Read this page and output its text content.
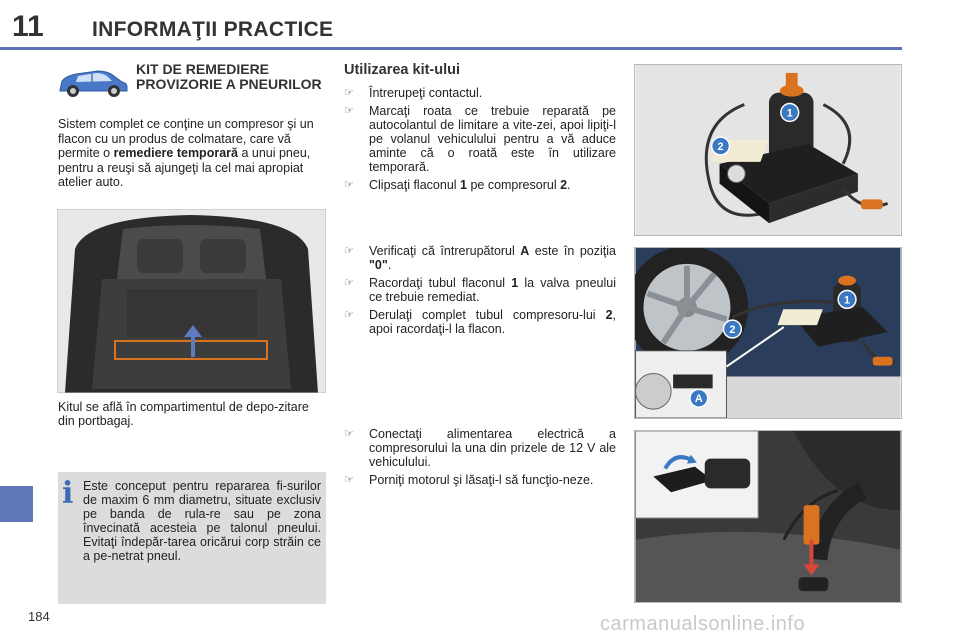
11 INFORMAŢII PRACTICE
KIT DE REMEDIERE PROVIZORIE A PNEURILOR
Sistem complet ce conţine un compresor şi un flacon cu un produs de colmatare, care vă permite o remediere temporară a unui pneu, pentru a reuşi să ajungeţi la cel mai apropiat atelier auto.
Kitul se află în compartimentul de depo-zitare din portbagaj.
i Este conceput pentru repararea fi-surilor de maxim 6 mm diametru, situate exclusiv pe banda de rula-re sau pe zona învecinată acesteia pe talonul pneului. Evitaţi îndepăr-tarea oricărui corp străin ce a pe-netrat pneul.
Utilizarea kit-ului
☞ Întrerupeţi contactul.
☞ Marcaţi roata ce trebuie reparată pe autocolantul de limitare a vite-zei, apoi lipiţi-l pe volanul vehiculului pentru a vă aduce aminte că o roată este în utilizare temporară.
☞ Clipsaţi flaconul 1 pe compresorul 2.
☞ Verificaţi că întrerupătorul A este în poziţia "0".
☞ Racordaţi tubul flaconul 1 la valva pneului ce trebuie remediat.
☞ Derulaţi complet tubul compresoru-lui 2, apoi racordaţi-l la flacon.
☞ Conectaţi alimentarea electrică a compresorului la una din prizele de 12 V ale vehiculului.
☞ Porniţi motorul şi lăsaţi-l să funcţio-neze.
1
2
1
2
A
184	carmanualsonline.info
